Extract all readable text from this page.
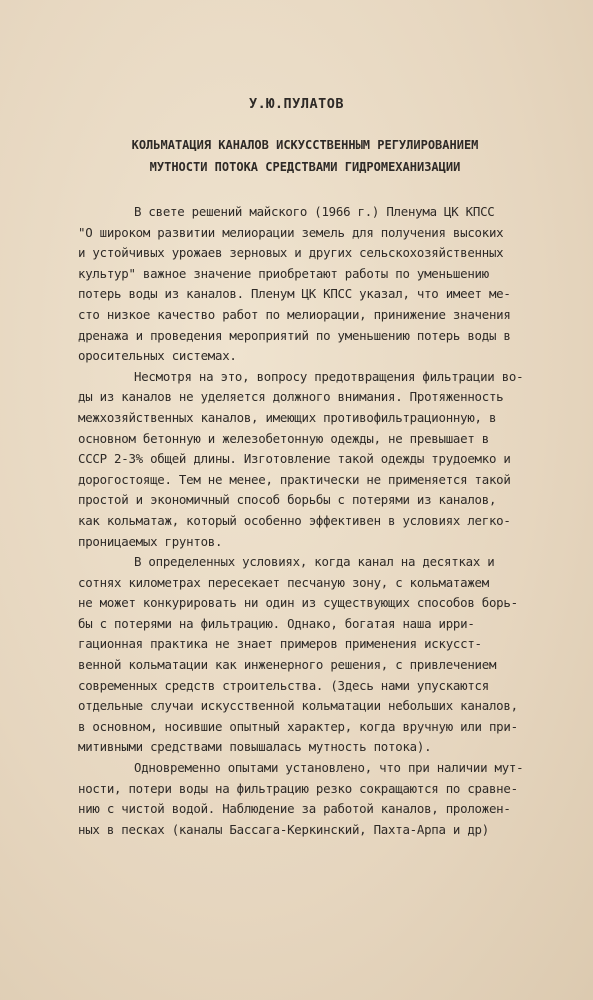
У.Ю.ПУЛАТОВ
КОЛЬМАТАЦИЯ КАНАЛОВ ИСКУССТВЕННЫМ РЕГУЛИРОВАНИЕМ
МУТНОСТИ ПОТОКА СРЕДСТВАМИ ГИДРОМЕХАНИЗАЦИИ
В свете решений майского (1966 г.) Пленума ЦК КПСС
"О широком развитии мелиорации земель для получения высоких
и устойчивых урожаев зерновых и других сельскохозяйственных
культур" важное значение приобретают работы по уменьшению
потерь воды из каналов. Пленум ЦК КПСС указал, что имеет ме-
сто низкое качество работ по мелиорации, принижение значения
дренажа и проведения мероприятий по уменьшению потерь воды в
оросительных системах.
Несмотря на это, вопросу предотвращения фильтрации во-
ды из каналов не уделяется должного внимания. Протяженность
межхозяйственных каналов, имеющих противофильтрационную, в
основном бетонную и железобетонную одежды, не превышает в
СССР 2-3% общей длины. Изготовление такой одежды трудоемко и
дорогостояще. Тем не менее, практически не применяется такой
простой и экономичный способ борьбы с потерями из каналов,
как кольматаж, который особенно эффективен в условиях легко-
проницаемых грунтов.
В определенных условиях, когда канал на десятках и
сотнях километрах пересекает песчаную зону, с кольматажем
не может конкурировать ни один из существующих способов борь-
бы с потерями на фильтрацию. Однако, богатая наша ирри-
гационная практика не знает примеров применения искусст-
венной кольматации как инженерного решения, с привлечением
современных средств строительства. (Здесь нами упускаются
отдельные случаи искусственной кольматации небольших каналов,
в основном, носившие опытный характер, когда вручную или при-
митивными средствами повышалась мутность потока).
Одновременно опытами установлено, что при наличии мут-
ности, потери воды на фильтрацию резко сокращаются по сравне-
нию с чистой водой. Наблюдение за работой каналов, проложен-
ных в песках (каналы Бассага-Керкинский, Пахта-Арпа и др)
